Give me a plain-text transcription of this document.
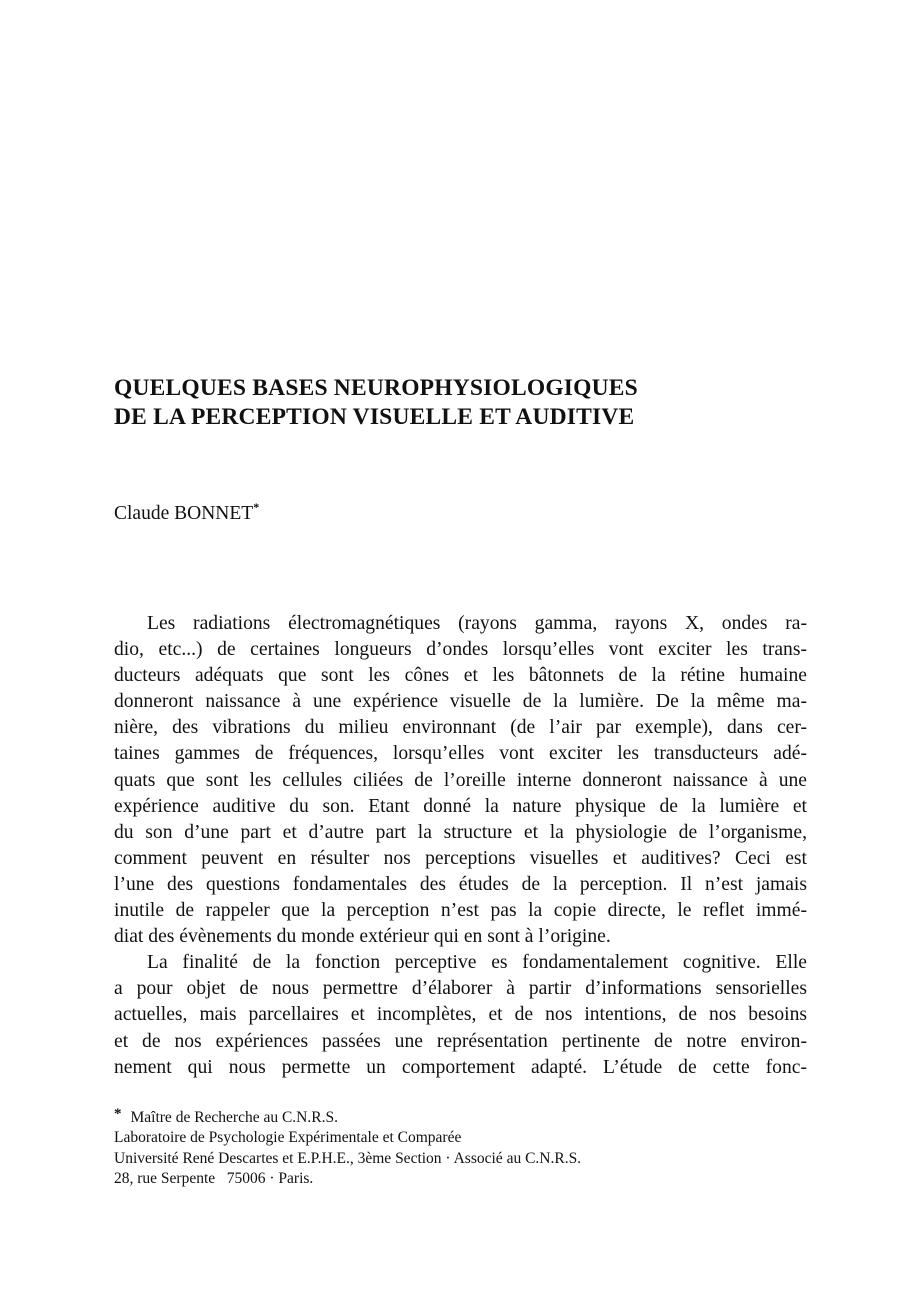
QUELQUES BASES NEUROPHYSIOLOGIQUES
DE LA PERCEPTION VISUELLE ET AUDITIVE
Claude BONNET*

Les radiations électromagnétiques (rayons gamma, rayons X, ondes ra-
dio, etc...) de certaines longueurs d’ondes lorsqu’elles vont exciter les trans-
ducteurs adéquats que sont les cônes et les bâtonnets de la rétine humaine
donneront naissance à une expérience visuelle de la lumière. De la même ma-
nière, des vibrations du milieu environnant (de l’air par exemple), dans cer-
taines gammes de fréquences, lorsqu’elles vont exciter les transducteurs adé-
quats que sont les cellules ciliées de l’oreille interne donneront naissance à une
expérience auditive du son. Etant donné la nature physique de la lumière et
du son d’une part et d’autre part la structure et la physiologie de l’organisme,
comment peuvent en résulter nos perceptions visuelles et auditives? Ceci est
l’une des questions fondamentales des études de la perception. Il n’est jamais
inutile de rappeler que la perception n’est pas la copie directe, le reflet immé-
diat des évènements du monde extérieur qui en sont à l’origine.

La finalité de la fonction perceptive es fondamentalement cognitive. Elle
a pour objet de nous permettre d’élaborer à partir d’informations sensorielles
actuelles, mais parcellaires et incomplètes, et de nos intentions, de nos besoins
et de nos expériences passées une représentation pertinente de notre environ-
nement qui nous permette un comportement adapté. L’étude de cette fonc-

* Maître de Recherche au C.N.R.S.
Laboratoire de Psychologie Expérimentale et Comparée
Université René Descartes et E.P.H.E., 3ème Section · Associé au C.N.R.S.
28, rue Serpente   75006 · Paris.
